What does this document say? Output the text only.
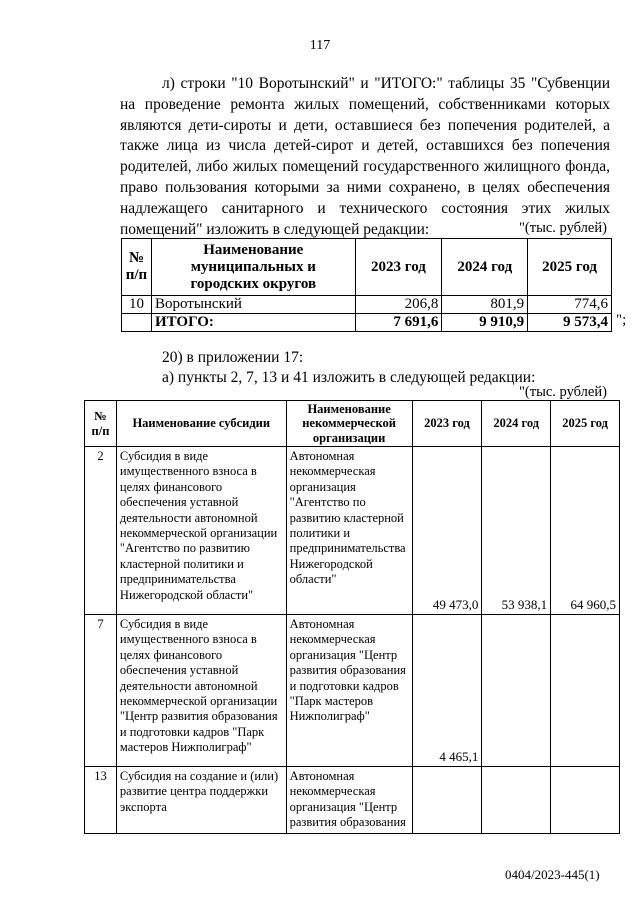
117
л) строки "10 Воротынский" и "ИТОГО:" таблицы 35 "Субвенции на проведение ремонта жилых помещений, собственниками которых являются дети-сироты и дети, оставшиеся без попечения родителей, а также лица из числа детей-сирот и детей, оставшихся без попечения родителей, либо жилых помещений государственного жилищного фонда, право пользования которыми за ними сохранено, в целях обеспечения надлежащего санитарного и технического состояния этих жилых помещений" изложить в следующей редакции:	"(тыс. рублей)
№ п/п	Наименование муниципальных и городских округов	2023 год	2024 год	2025 год
10	Воротынский	206,8	801,9	774,6
	ИТОГО:	7 691,6	9 910,9	9 573,4 ";
20) в приложении 17:
а) пункты 2, 7, 13 и 41 изложить в следующей редакции:
"(тыс. рублей)
№ п/п	Наименование субсидии	Наименование некоммерческой организации	2023 год	2024 год	2025 год
2	Субсидия в виде имущественного взноса в целях финансового обеспечения уставной деятельности автономной некоммерческой организации "Агентство по развитию кластерной политики и предпринимательства Нижегородской области"	Автономная некоммерческая организация "Агентство по развитию кластерной политики и предпринимательства Нижегородской области"	49 473,0	53 938,1	64 960,5
7	Субсидия в виде имущественного взноса в целях финансового обеспечения уставной деятельности автономной некоммерческой организации "Центр развития образования и подготовки кадров "Парк мастеров Нижполиграф"	Автономная некоммерческая организация "Центр развития образования и подготовки кадров "Парк мастеров Нижполиграф"	4 465,1		
13	Субсидия на создание и (или) развитие центра поддержки экспорта	Автономная некоммерческая организация "Центр развития образования			
0404/2023-445(1)
